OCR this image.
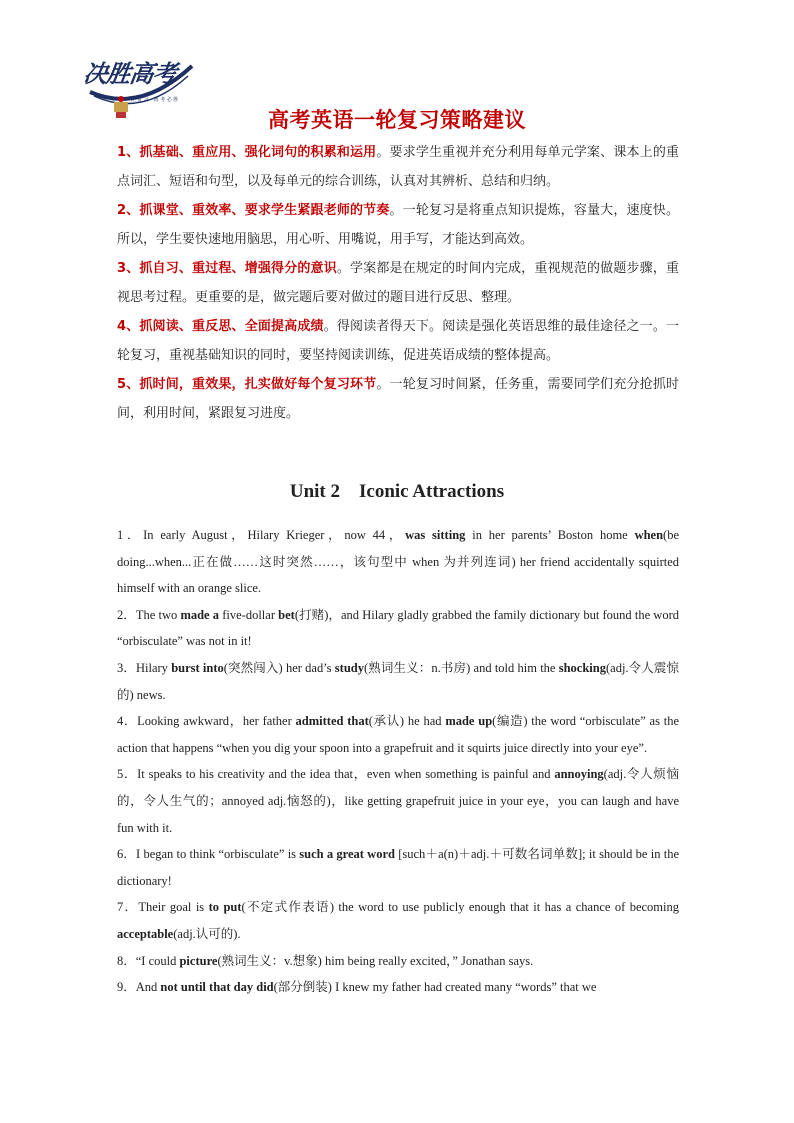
决胜高考
一 轮 复 习 · 备 考 必 胜
高考英语一轮复习策略建议

1、抓基础、重应用、强化词句的积累和运用。要求学生重视并充分利用每单元学案、课本上的重点词汇、短语和句型，以及每单元的综合训练，认真对其辨析、总结和归纳。

2、抓课堂、重效率、要求学生紧跟老师的节奏。一轮复习是将重点知识提炼，容量大，速度快。所以，学生要快速地用脑思，用心听、用嘴说，用手写，才能达到高效。

3、抓自习、重过程、增强得分的意识。学案都是在规定的时间内完成，重视规范的做题步骤，重视思考过程。更重要的是，做完题后要对做过的题目进行反思、整理。

4、抓阅读、重反思、全面提高成绩。得阅读者得天下。阅读是强化英语思维的最佳途径之一。一轮复习，重视基础知识的同时，要坚持阅读训练，促进英语成绩的整体提高。

5、抓时间，重效果，扎实做好每个复习环节。一轮复习时间紧，任务重，需要同学们充分抢抓时间，利用时间，紧跟复习进度。

Unit 2　Iconic Attractions

1．In early August，Hilary Krieger，now 44，was sitting in her parents’ Boston home when(be doing...when...正在做……这时突然……，该句型中 when 为并列连词) her friend accidentally squirted himself with an orange slice.

2．The two made a five-dollar bet(打赌)，and Hilary gladly grabbed the family dictionary but found the word “orbisculate” was not in it!

3．Hilary burst into(突然闯入) her dad’s study(熟词生义：n.书房) and told him the shocking(adj.令人震惊的) news.

4．Looking awkward，her father admitted that(承认) he had made up(编造) the word “orbisculate” as the action that happens “when you dig your spoon into a grapefruit and it squirts juice directly into your eye”.

5．It speaks to his creativity and the idea that，even when something is painful and annoying(adj.令人烦恼的，令人生气的；annoyed adj.恼怒的)，like getting grapefruit juice in your eye，you can laugh and have fun with it.

6．I began to think “orbisculate” is such a great word [such＋a(n)＋adj.＋可数名词单数]; it should be in the dictionary!

7．Their goal is to put(不定式作表语) the word to use publicly enough that it has a chance of becoming acceptable(adj.认可的).

8．“I could picture(熟词生义：v.想象) him being really excited，” Jonathan says.

9．And not until that day did(部分倒装) I knew my father had created many “words” that we
